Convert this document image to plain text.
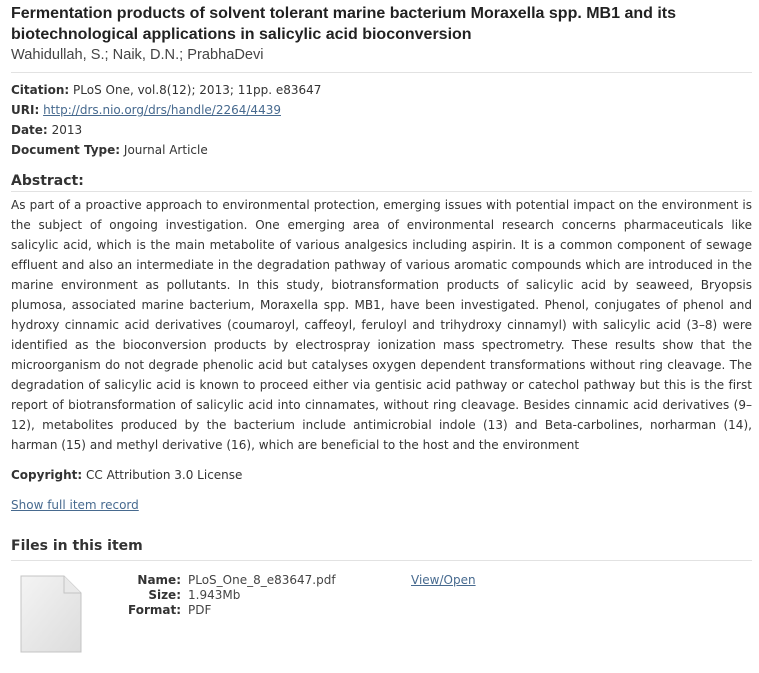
Fermentation products of solvent tolerant marine bacterium Moraxella spp. MB1 and its biotechnological applications in salicylic acid bioconversion
Wahidullah, S.; Naik, D.N.; PrabhaDevi
Citation: PLoS One, vol.8(12); 2013; 11pp. e83647
URI: http://drs.nio.org/drs/handle/2264/4439
Date: 2013
Document Type: Journal Article
Abstract:
As part of a proactive approach to environmental protection, emerging issues with potential impact on the environment is the subject of ongoing investigation. One emerging area of environmental research concerns pharmaceuticals like salicylic acid, which is the main metabolite of various analgesics including aspirin. It is a common component of sewage effluent and also an intermediate in the degradation pathway of various aromatic compounds which are introduced in the marine environment as pollutants. In this study, biotransformation products of salicylic acid by seaweed, Bryopsis plumosa, associated marine bacterium, Moraxella spp. MB1, have been investigated. Phenol, conjugates of phenol and hydroxy cinnamic acid derivatives (coumaroyl, caffeoyl, feruloyl and trihydroxy cinnamyl) with salicylic acid (3–8) were identified as the bioconversion products by electrospray ionization mass spectrometry. These results show that the microorganism do not degrade phenolic acid but catalyses oxygen dependent transformations without ring cleavage. The degradation of salicylic acid is known to proceed either via gentisic acid pathway or catechol pathway but this is the first report of biotransformation of salicylic acid into cinnamates, without ring cleavage. Besides cinnamic acid derivatives (9–12), metabolites produced by the bacterium include antimicrobial indole (13) and Beta-carbolines, norharman (14), harman (15) and methyl derivative (16), which are beneficial to the host and the environment
Copyright: CC Attribution 3.0 License
Show full item record
Files in this item
Name: PLoS_One_8_e83647.pdf
Size: 1.943Mb
Format: PDF
View/Open
